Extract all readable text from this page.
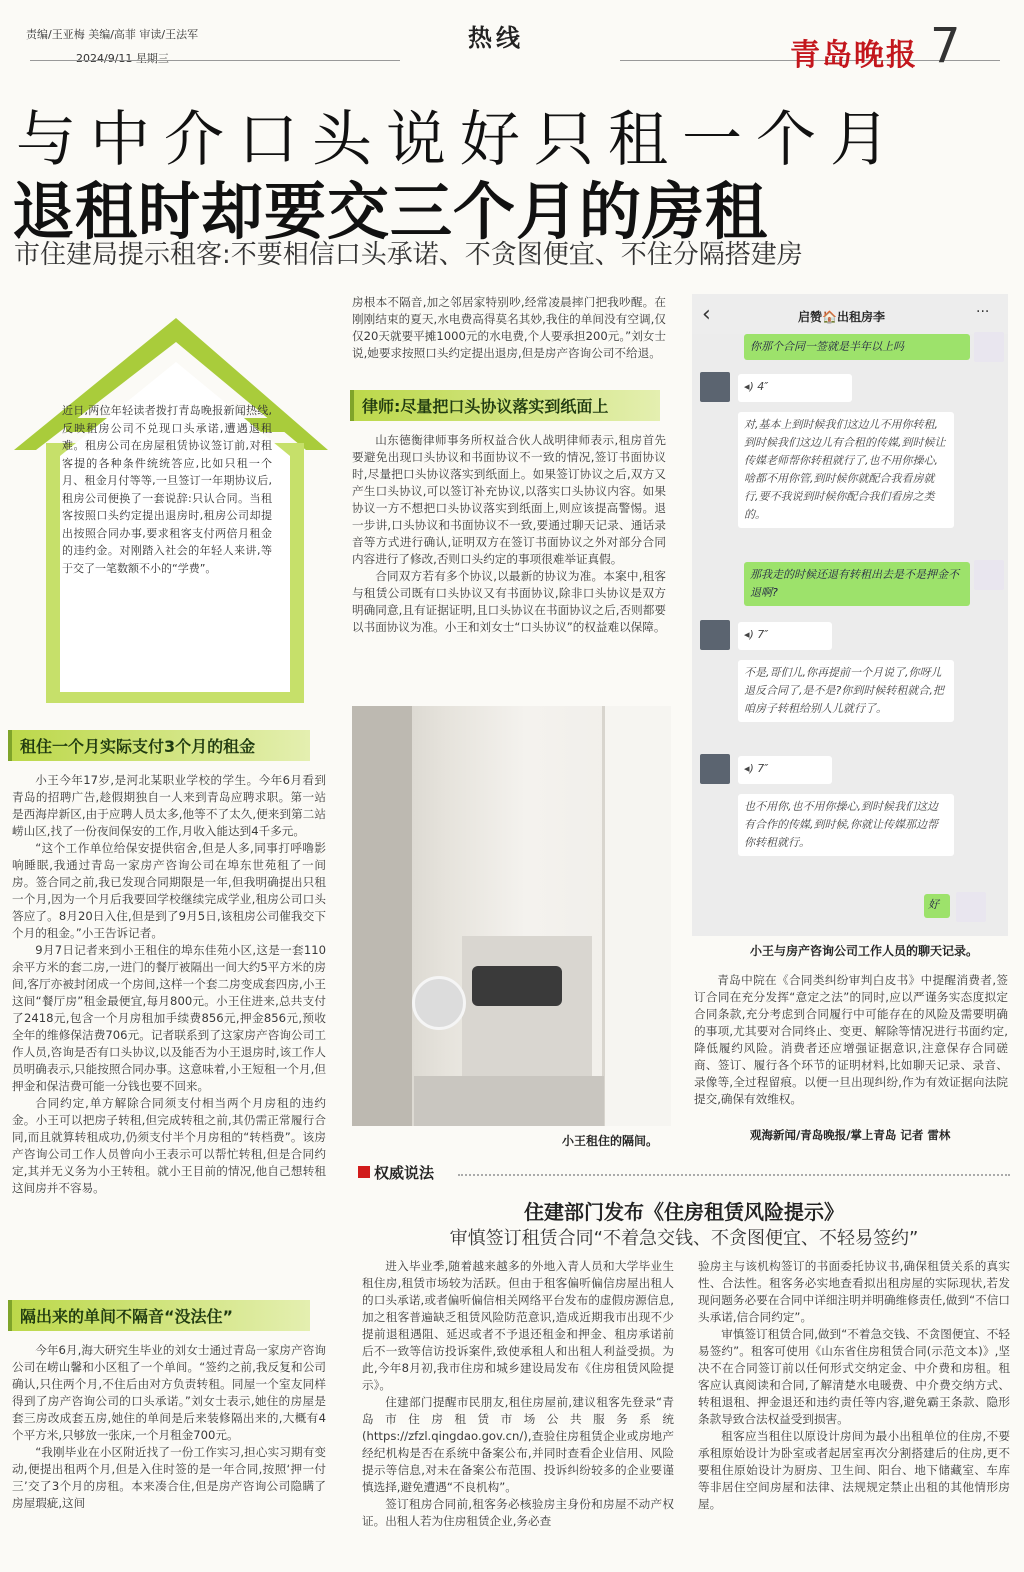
责编/王亚梅 美编/高菲 审读/王法军
2024/9/11 星期三
热线	青岛晚报 7
与中介口头说好只租一个月
退租时却要交三个月的房租
市住建局提示租客:不要相信口头承诺、不贪图便宜、不住分隔搭建房
近日,两位年轻读者拨打青岛晚报新闻热线,反映租房公司不兑现口头承诺,遭遇退租难。租房公司在房屋租赁协议签订前,对租客提的各种条件统统答应,比如只租一个月、租金月付等等,一旦签订一年期协议后,租房公司便换了一套说辞:只认合同。当租客按照口头约定提出退房时,租房公司却提出按照合同办事,要求租客支付两倍月租金的违约金。对刚踏入社会的年轻人来讲,等于交了一笔数额不小的“学费”。
租住一个月实际支付3个月的租金

小王今年17岁,是河北某职业学校的学生。今年6月看到青岛的招聘广告,趁假期独自一人来到青岛应聘求职。第一站是西海岸新区,由于应聘人员太多,他等不了太久,便来到第二站崂山区,找了一份夜间保安的工作,月收入能达到4千多元。

“这个工作单位给保安提供宿舍,但是人多,同事打呼噜影响睡眠,我通过青岛一家房产咨询公司在埠东世苑租了一间房。签合同之前,我已发现合同期限是一年,但我明确提出只租一个月,因为一个月后我要回学校继续完成学业,租房公司口头答应了。8月20日入住,但是到了9月5日,该租房公司催我交下个月的租金。”小王告诉记者。

9月7日记者来到小王租住的埠东佳苑小区,这是一套110余平方米的套二房,一进门的餐厅被隔出一间大约5平方米的房间,客厅亦被封闭成一个房间,这样一个套二房变成套四房,小王这间“餐厅房”租金最便宜,每月800元。小王住进来,总共支付了2418元,包含一个月房租加手续费856元,押金856元,预收全年的维修保洁费706元。记者联系到了这家房产咨询公司工作人员,咨询是否有口头协议,以及能否为小王退房时,该工作人员明确表示,只能按照合同办事。这意味着,小王短租一个月,但押金和保洁费可能一分钱也要不回来。

合同约定,单方解除合同须支付相当两个月房租的违约金。小王可以把房子转租,但完成转租之前,其仍需正常履行合同,而且就算转租成功,仍须支付半个月房租的“转档费”。该房产咨询公司工作人员曾向小王表示可以帮忙转租,但是合同约定,其并无义务为小王转租。就小王目前的情况,他自己想转租这间房并不容易。

隔出来的单间不隔音“没法住”

今年6月,海大研究生毕业的刘女士通过青岛一家房产咨询公司在崂山馨和小区租了一个单间。“签约之前,我反复和公司确认,只住两个月,不住后由对方负责转租。同屋一个室友同样得到了房产咨询公司的口头承诺。”刘女士表示,她住的房屋是套三房改成套五房,她住的单间是后来装修隔出来的,大概有4个平方米,只够放一张床,一个月租金700元。

“我刚毕业在小区附近找了一份工作实习,担心实习期有变动,便提出租两个月,但是入住时签的是一年合同,按照‘押一付三’交了3个月的房租。本来凑合住,但是房产咨询公司隐瞒了房屋瑕疵,这间

房根本不隔音,加之邻居家特别吵,经常凌晨摔门把我吵醒。在刚刚结束的夏天,水电费高得莫名其妙,我住的单间没有空调,仅仅20天就要平摊1000元的水电费,个人要承担200元。”刘女士说,她要求按照口头约定提出退房,但是房产咨询公司不给退。

律师:尽量把口头协议落实到纸面上

山东德衡律师事务所权益合伙人战明律师表示,租房首先要避免出现口头协议和书面协议不一致的情况,签订书面协议时,尽量把口头协议落实到纸面上。如果签订协议之后,双方又产生口头协议,可以签订补充协议,以落实口头协议内容。如果协议一方不想把口头协议落实到纸面上,则应该提高警惕。退一步讲,口头协议和书面协议不一致,要通过聊天记录、通话录音等方式进行确认,证明双方在签订书面协议之外对部分合同内容进行了修改,否则口头约定的事项很难举证真假。

合同双方若有多个协议,以最新的协议为准。本案中,租客与租赁公司既有口头协议又有书面协议,除非口头协议是双方明确同意,且有证据证明,且口头协议在书面协议之后,否则都要以书面协议为准。小王和刘女士“口头协议”的权益难以保障。

小王租住的隔间。
‹	启赞🏠出租房李	···
你那个合同一签就是半年以上吗
◂) 4″
对,基本上到时候我们这边儿不用你转租,到时候我们这边儿有合租的传媒,到时候让传媒老师帮你转租就行了,也不用你操心,啥都不用你管,到时候你就配合我看房就行,要不我说到时候你配合我们看房之类的。
那我走的时候还退有转租出去是不是押金不退啊?
◂) 7″
不是,哥们儿,你再提前一个月说了,你呀儿退反合同了,是不是?你到时候转租就合,把咱房子转租给别人儿就行了。
◂) 7″
也不用你,也不用你操心,到时候我们这边有合作的传媒,到时候,你就让传媒那边帮你转租就行。
好
小王与房产咨询公司工作人员的聊天记录。

青岛中院在《合同类纠纷审判白皮书》中提醒消费者,签订合同在充分发挥“意定之法”的同时,应以严谨务实态度拟定合同条款,充分考虑到合同履行中可能存在的风险及需要明确的事项,尤其要对合同终止、变更、解除等情况进行书面约定,降低履约风险。消费者还应增强证据意识,注意保存合同磋商、签订、履行各个环节的证明材料,比如聊天记录、录音、录像等,全过程留痕。以便一旦出现纠纷,作为有效证据向法院提交,确保有效维权。

观海新闻/青岛晚报/掌上青岛 记者 雷林
权威说法
住建部门发布《住房租赁风险提示》
审慎签订租赁合同“不着急交钱、不贪图便宜、不轻易签约”

进入毕业季,随着越来越多的外地入青人员和大学毕业生租住房,租赁市场较为活跃。但由于租客偏听偏信房屋出租人的口头承诺,或者偏听偏信相关网络平台发布的虚假房源信息,加之租客普遍缺乏租赁风险防范意识,造成近期我市出现不少提前退租遇阻、延迟或者不予退还租金和押金、租房承诺前后不一致等信访投诉案件,致使承租人和出租人利益受损。为此,今年8月初,我市住房和城乡建设局发布《住房租赁风险提示》。

住建部门提醒市民朋友,租住房屋前,建议租客先登录“青岛市住房租赁市场公共服务系统(https://zfzl.qingdao.gov.cn/),查验住房租赁企业或房地产经纪机构是否在系统中备案公布,并同时查看企业信用、风险提示等信息,对未在备案公布范围、投诉纠纷较多的企业要谨慎选择,避免遭遇“不良机构”。

签订租房合同前,租客务必核验房主身份和房屋不动产权证。出租人若为住房租赁企业,务必查

验房主与该机构签订的书面委托协议书,确保租赁关系的真实性、合法性。租客务必实地查看拟出租房屋的实际现状,若发现问题务必要在合同中详细注明并明确维修责任,做到“不信口头承诺,信合同约定”。

审慎签订租赁合同,做到“不着急交钱、不贪图便宜、不轻易签约”。租客可使用《山东省住房租赁合同(示范文本)》,坚决不在合同签订前以任何形式交纳定金、中介费和房租。租客应认真阅读和合同,了解清楚水电暖费、中介费交纳方式、转租退租、押金退还和违约责任等内容,避免霸王条款、隐形条款导致合法权益受到损害。

租客应当租住以原设计房间为最小出租单位的住房,不要承租原始设计为卧室或者起居室再次分割搭建后的住房,更不要租住原始设计为厨房、卫生间、阳台、地下储藏室、车库等非居住空间房屋和法律、法规规定禁止出租的其他情形房屋。
